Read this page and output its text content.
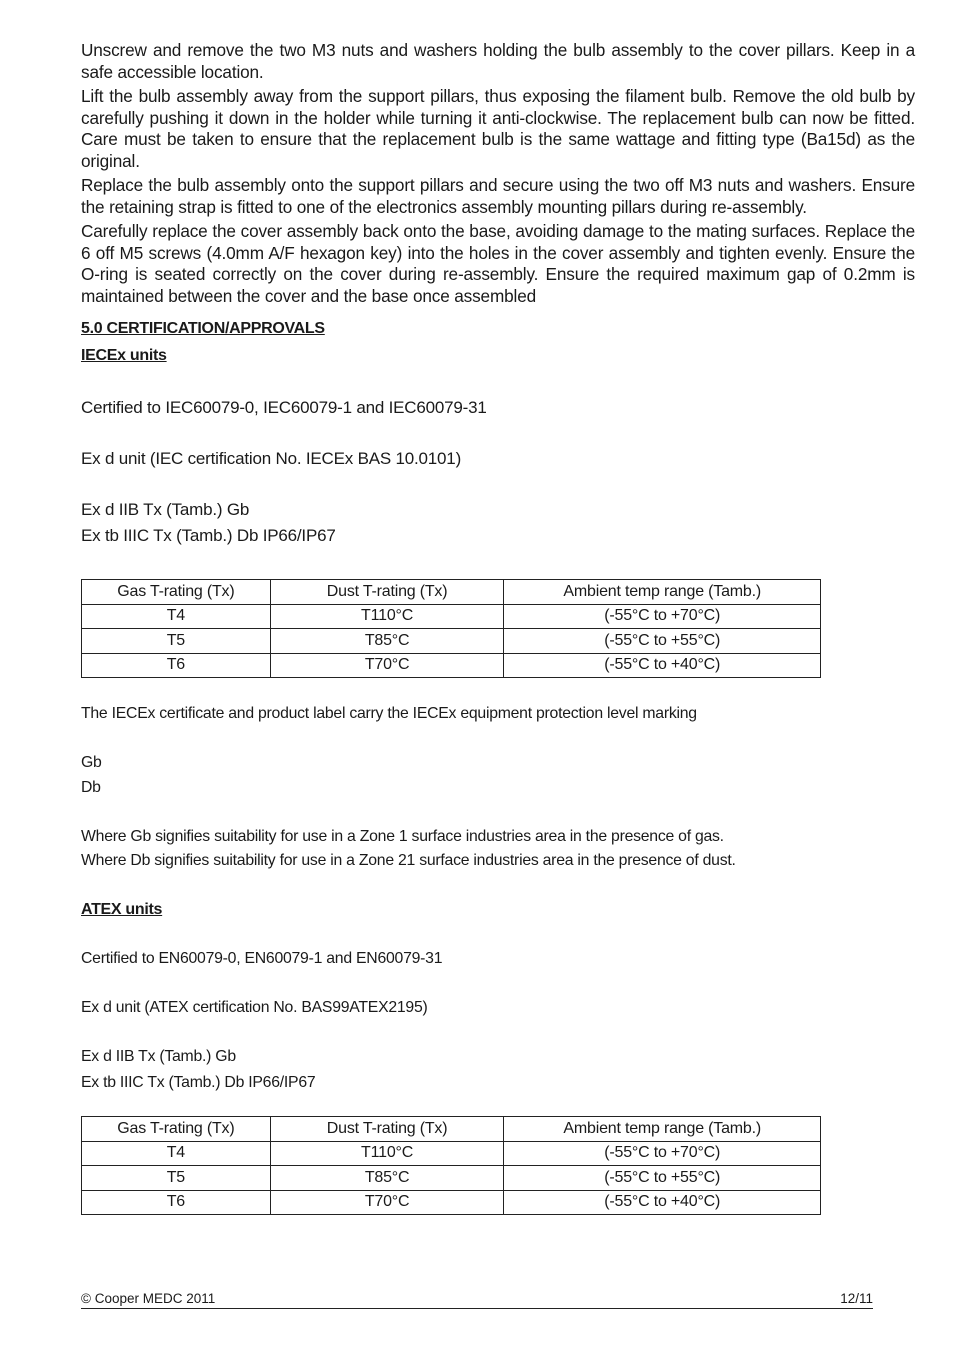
Unscrew and remove the two M3 nuts and washers holding the bulb assembly to the cover pillars. Keep in a safe accessible location.

Lift the bulb assembly away from the support pillars, thus exposing the filament bulb. Remove the old bulb by carefully pushing it down in the holder while turning it anti-clockwise. The replacement bulb can now be fitted. Care must be taken to ensure that the replacement bulb is the same wattage and fitting type (Ba15d) as the original.

Replace the bulb assembly onto the support pillars and secure using the two off M3 nuts and washers. Ensure the retaining strap is fitted to one of the electronics assembly mounting pillars during re-assembly.

Carefully replace the cover assembly back onto the base, avoiding damage to the mating surfaces. Replace the 6 off M5 screws (4.0mm A/F hexagon key) into the holes in the cover assembly and tighten evenly. Ensure the O-ring is seated correctly on the cover during re-assembly. Ensure the required maximum gap of 0.2mm is maintained between the cover and the base once assembled

5.0 CERTIFICATION/APPROVALS
IECEx units
Certified to IEC60079-0, IEC60079-1 and IEC60079-31
Ex d unit (IEC certification No. IECEx BAS 10.0101)
Ex d IIB Tx (Tamb.) Gb
Ex tb IIIC Tx (Tamb.) Db IP66/IP67
Gas T-rating (Tx)	Dust T-rating (Tx)	Ambient temp range (Tamb.)
T4	T110°C	(-55°C to +70°C)
T5	T85°C	(-55°C to +55°C)
T6	T70°C	(-55°C to +40°C)
The IECEx certificate and product label carry the IECEx equipment protection level marking
Gb
Db
Where Gb signifies suitability for use in a Zone 1 surface industries area in the presence of gas.
Where Db signifies suitability for use in a Zone 21 surface industries area in the presence of dust.
ATEX units
Certified to EN60079-0, EN60079-1 and EN60079-31
Ex d unit (ATEX certification No. BAS99ATEX2195)
Ex d IIB Tx (Tamb.) Gb
Ex tb IIIC Tx (Tamb.) Db IP66/IP67
Gas T-rating (Tx)	Dust T-rating (Tx)	Ambient temp range (Tamb.)
T4	T110°C	(-55°C to +70°C)
T5	T85°C	(-55°C to +55°C)
T6	T70°C	(-55°C to +40°C)
© Cooper MEDC 2011	12/11
